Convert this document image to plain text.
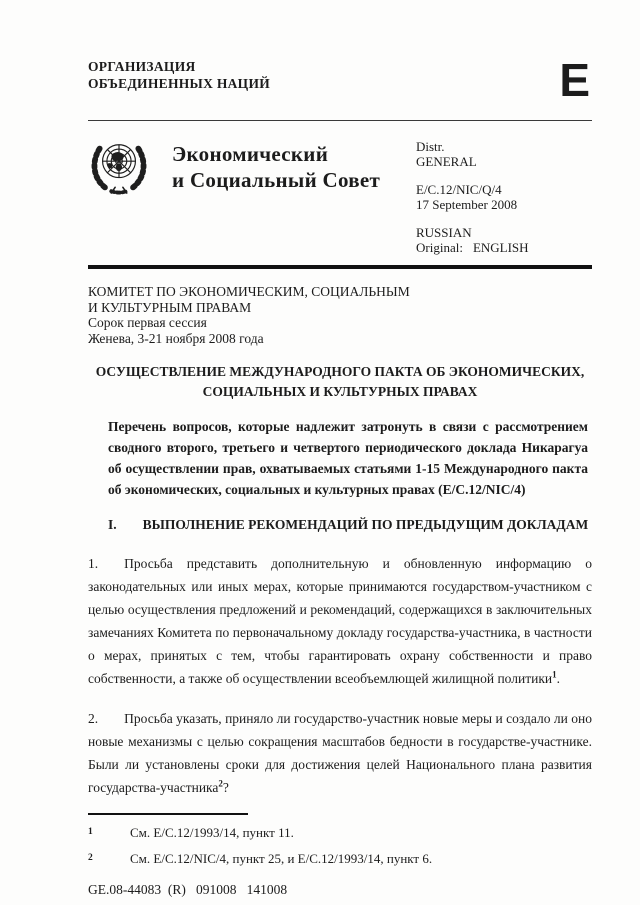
ОРГАНИЗАЦИЯ
ОБЪЕДИНЕННЫХ НАЦИЙ	E
Экономический
и Социальный Совет
Distr.
GENERAL
E/C.12/NIC/Q/4
17 September 2008
RUSSIAN
Original: ENGLISH
КОМИТЕТ ПО ЭКОНОМИЧЕСКИМ, СОЦИАЛЬНЫМ
И КУЛЬТУРНЫМ ПРАВАМ
Сорок первая сессия
Женева, 3-21 ноября 2008 года
ОСУЩЕСТВЛЕНИЕ МЕЖДУНАРОДНОГО ПАКТА ОБ ЭКОНОМИЧЕСКИХ,
СОЦИАЛЬНЫХ И КУЛЬТУРНЫХ ПРАВАХ
Перечень вопросов, которые надлежит затронуть в связи с рассмотрением сводного второго, третьего и четвертого периодического доклада Никарагуа об осуществлении прав, охватываемых статьями 1-15 Международного пакта об экономических, социальных и культурных правах (E/C.12/NIC/4)
I. ВЫПОЛНЕНИЕ РЕКОМЕНДАЦИЙ ПО ПРЕДЫДУЩИМ ДОКЛАДАМ
1. Просьба представить дополнительную и обновленную информацию о законодательных или иных мерах, которые принимаются государством-участником с целью осуществления предложений и рекомендаций, содержащихся в заключительных замечаниях Комитета по первоначальному докладу государства-участника, в частности о мерах, принятых с тем, чтобы гарантировать охрану собственности и право собственности, а также об осуществлении всеобъемлющей жилищной политики$^1$.
2. Просьба указать, приняло ли государство-участник новые меры и создало ли оно новые механизмы с целью сокращения масштабов бедности в государстве-участнике. Были ли установлены сроки для достижения целей Национального плана развития государства-участника$^2$?
1	См. E/C.12/1993/14, пункт 11.
2	См. E/C.12/NIC/4, пункт 25, и E/C.12/1993/14, пункт 6.
GE.08-44083  (R)   091008   141008
